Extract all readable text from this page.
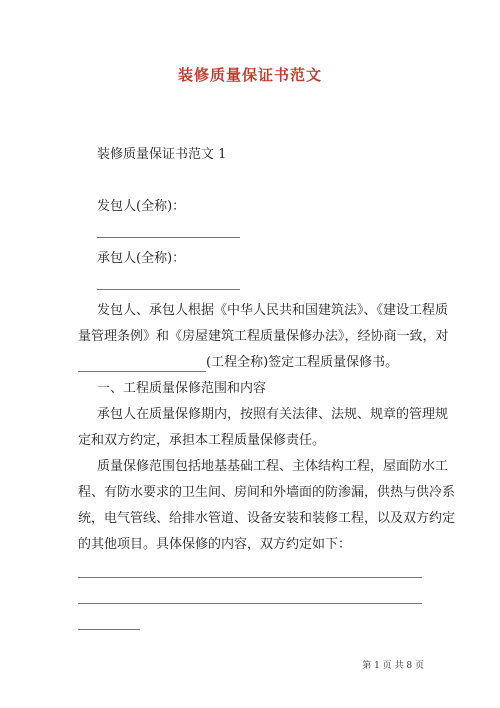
装修质量保证书范文
装修质量保证书范文 1
发包人(全称)：
承包人(全称)：
发包人、承包人根据《中华人民共和国建筑法》、《建设工程质
量管理条例》和《房屋建筑工程质量保修办法》，经协商一致，对
(工程全称)签定工程质量保修书。
一、工程质量保修范围和内容
承包人在质量保修期内，按照有关法律、法规、规章的管理规
定和双方约定，承担本工程质量保修责任。
质量保修范围包括地基基础工程、主体结构工程，屋面防水工
程、有防水要求的卫生间、房间和外墙面的防渗漏，供热与供冷系
统，电气管线、给排水管道、设备安装和装修工程，以及双方约定
的其他项目。具体保修的内容，双方约定如下：
第 1 页 共 8 页
